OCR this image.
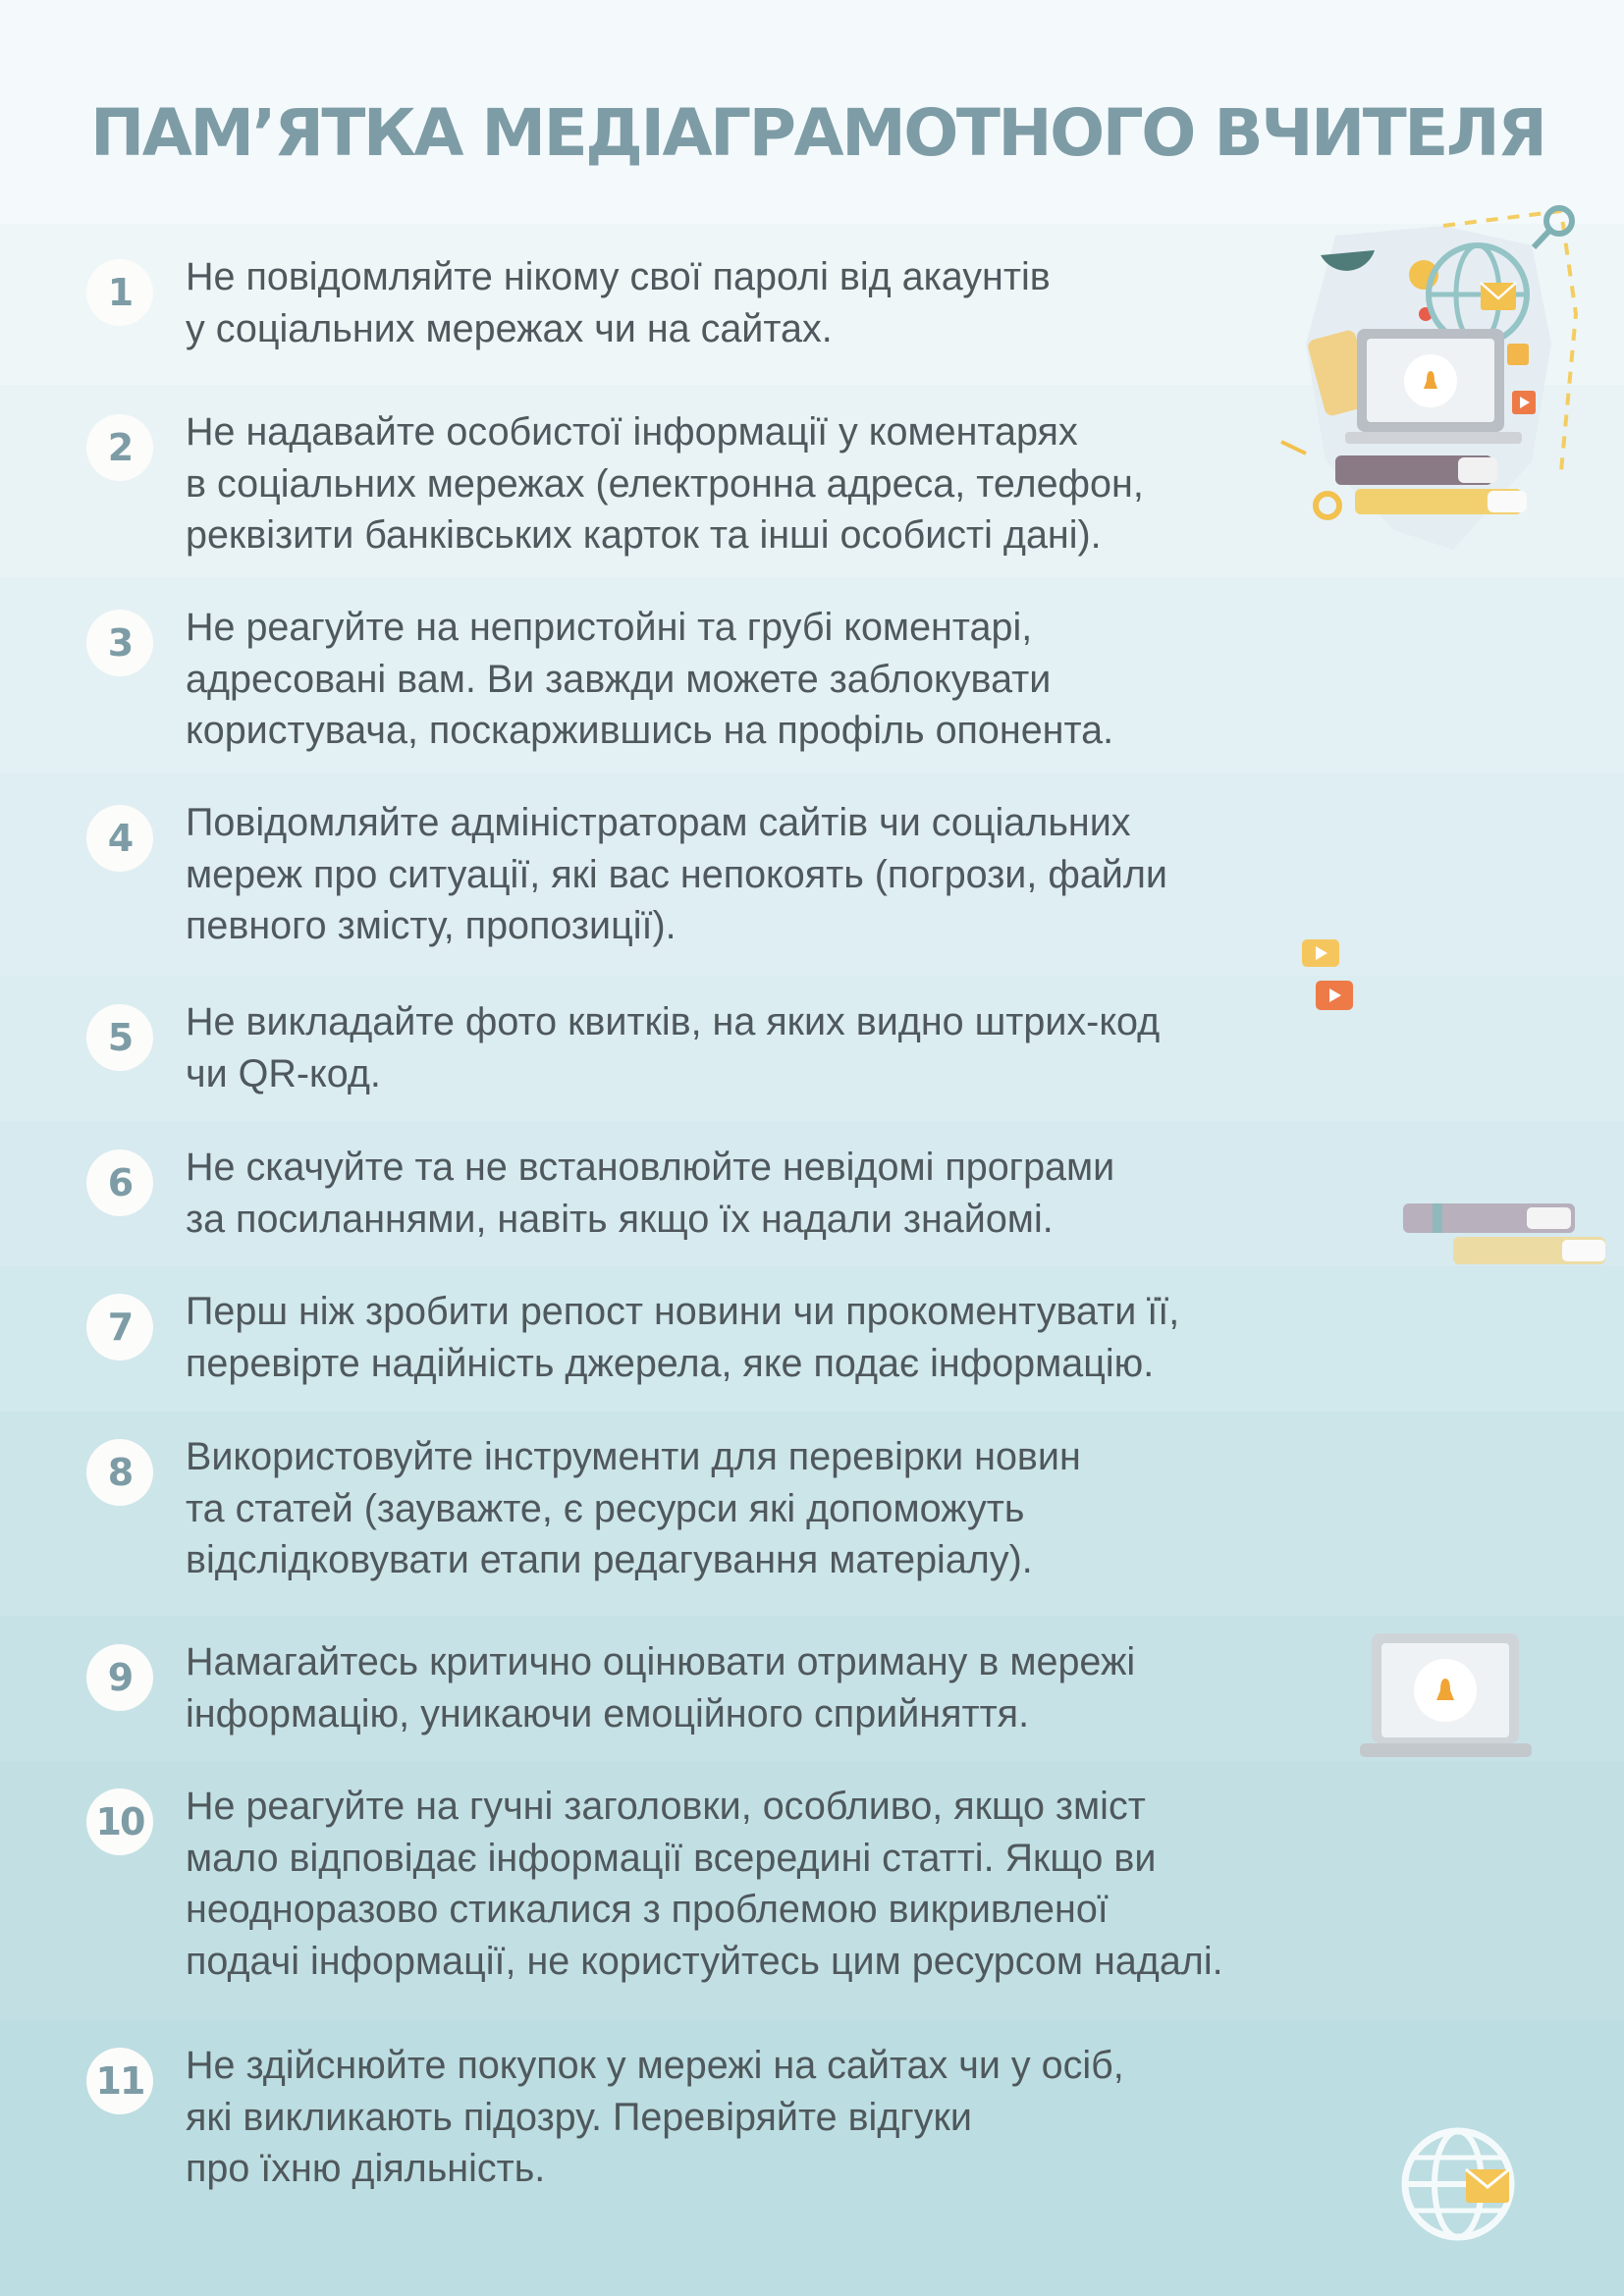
ПАМ’ЯТКА МЕДІАГРАМОТНОГО ВЧИТЕЛЯ
1	Не повідомляйте нікому свої паролі від акаунтів
у соціальних мережах чи на сайтах.

2	Не надавайте особистої інформації у коментарях
в соціальних мережах (електронна адреса, телефон,
реквізити банківських карток та інші особисті дані).

3	Не реагуйте на непристойні та грубі коментарі,
адресовані вам. Ви завжди можете заблокувати
користувача, поскаржившись на профіль опонента.

4	Повідомляйте адміністраторам сайтів чи соціальних
мереж про ситуації, які вас непокоять (погрози, файли
певного змісту, пропозиції).

5	Не викладайте фото квитків, на яких видно штрих-код
чи QR-код.

6	Не скачуйте та не встановлюйте невідомі програми
за посиланнями, навіть якщо їх надали знайомі.

7	Перш ніж зробити репост новини чи прокоментувати її,
перевірте надійність джерела, яке подає інформацію.

8	Використовуйте інструменти для перевірки новин
та статей (зауважте, є ресурси які допоможуть
відслідковувати етапи редагування матеріалу).

9	Намагайтесь критично оцінювати отриману в мережі
інформацію, уникаючи емоційного сприйняття.

10 Не реагуйте на гучні заголовки, особливо, якщо зміст
мало відповідає інформації всередині статті. Якщо ви
неодноразово стикалися з проблемою викривленої
подачі інформації, не користуйтесь цим ресурсом надалі.

11 Не здійснюйте покупок у мережі на сайтах чи у осіб,
які викликають підозру. Перевіряйте відгуки
про їхню діяльність.
